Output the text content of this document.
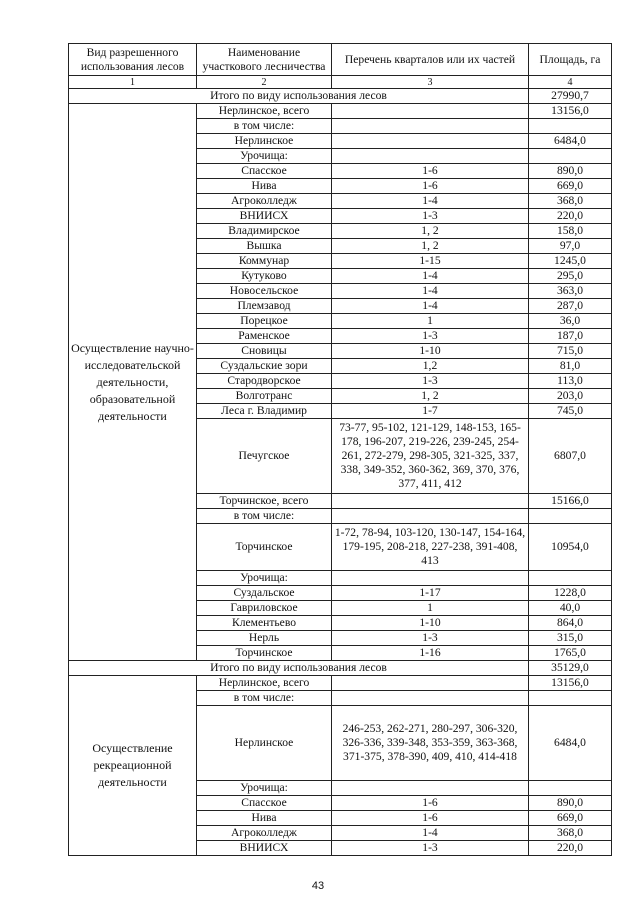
Вид разрешенного использования лесов	Наименование участкового лесничества	Перечень кварталов или их частей	Площадь, га
1	2	3	4
Итого по виду использования лесов			27990,7
Осуществление научно-исследовательской деятельности, образовательной деятельности	Нерлинское, всего		13156,0
	в том числе:		
	Нерлинское		6484,0
	Урочища:		
	Спасское	1-6	890,0
	Нива	1-6	669,0
	Агроколледж	1-4	368,0
	ВНИИСХ	1-3	220,0
	Владимирское	1, 2	158,0
	Вышка	1, 2	97,0
	Коммунар	1-15	1245,0
	Кутуково	1-4	295,0
	Новосельское	1-4	363,0
	Племзавод	1-4	287,0
	Порецкое	1	36,0
	Раменское	1-3	187,0
	Сновицы	1-10	715,0
	Суздальские зори	1,2	81,0
	Стародворское	1-3	113,0
	Волготранс	1, 2	203,0
	Леса г. Владимир	1-7	745,0
	Печугское	73-77, 95-102, 121-129, 148-153, 165-178, 196-207, 219-226, 239-245, 254-261, 272-279, 298-305, 321-325, 337, 338, 349-352, 360-362, 369, 370, 376, 377, 411, 412	6807,0
	Торчинское, всего		15166,0
	в том числе:		
	Торчинское	1-72, 78-94, 103-120, 130-147, 154-164, 179-195, 208-218, 227-238, 391-408, 413	10954,0
	Урочища:		
	Суздальское	1-17	1228,0
	Гавриловское	1	40,0
	Клементьево	1-10	864,0
	Нерль	1-3	315,0
	Торчинское	1-16	1765,0
Итого по виду использования лесов			35129,0
Осуществление рекреационной деятельности	Нерлинское, всего		13156,0
	в том числе:		
	Нерлинское	246-253, 262-271, 280-297, 306-320, 326-336, 339-348, 353-359, 363-368, 371-375, 378-390, 409, 410, 414-418	6484,0
	Урочища:		
	Спасское	1-6	890,0
	Нива	1-6	669,0
	Агроколледж	1-4	368,0
	ВНИИСХ	1-3	220,0
43
